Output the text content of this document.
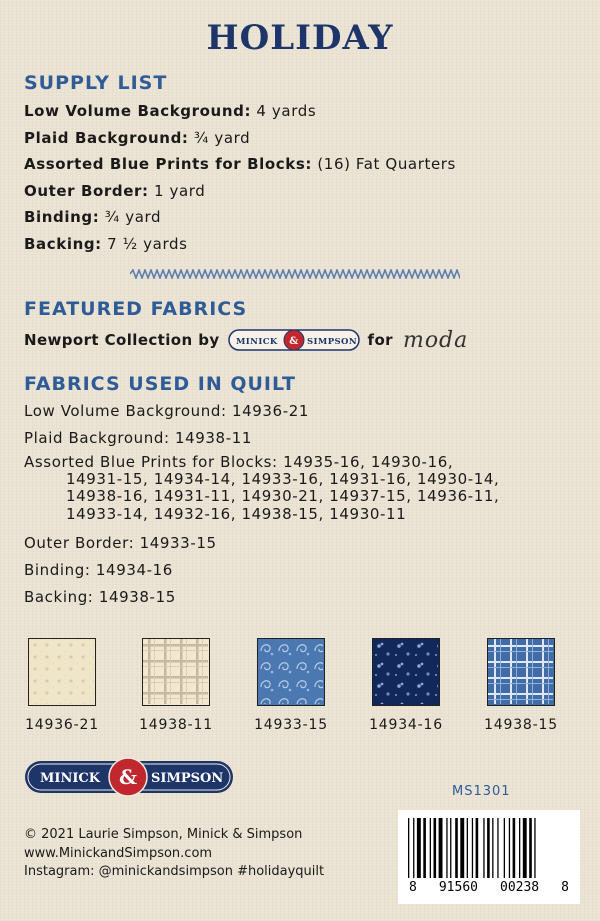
HOLIDAY
SUPPLY LIST
Low Volume Background: 4 yards
Plaid Background: ¾ yard
Assorted Blue Prints for Blocks: (16) Fat Quarters
Outer Border: 1 yard
Binding: ¾ yard
Backing: 7 ½ yards
FEATURED FABRICS
Newport Collection by MINICK & SIMPSON for moda
FABRICS USED IN QUILT
Low Volume Background: 14936-21
Plaid Background: 14938-11
Assorted Blue Prints for Blocks: 14935-16, 14930-16,
14931-15, 14934-14, 14933-16, 14931-16, 14930-14,
14938-16, 14931-11, 14930-21, 14937-15, 14936-11,
14933-14, 14932-16, 14938-15, 14930-11
Outer Border: 14933-15
Binding: 14934-16
Backing: 14938-15
14936-21	14938-11	14933-15	14934-16	14938-15
MINICK & SIMPSON
MS1301
© 2021 Laurie Simpson, Minick & Simpson
www.MinickandSimpson.com
Instagram: @minickandsimpson #holidayquilt
8 91560 00238 8
